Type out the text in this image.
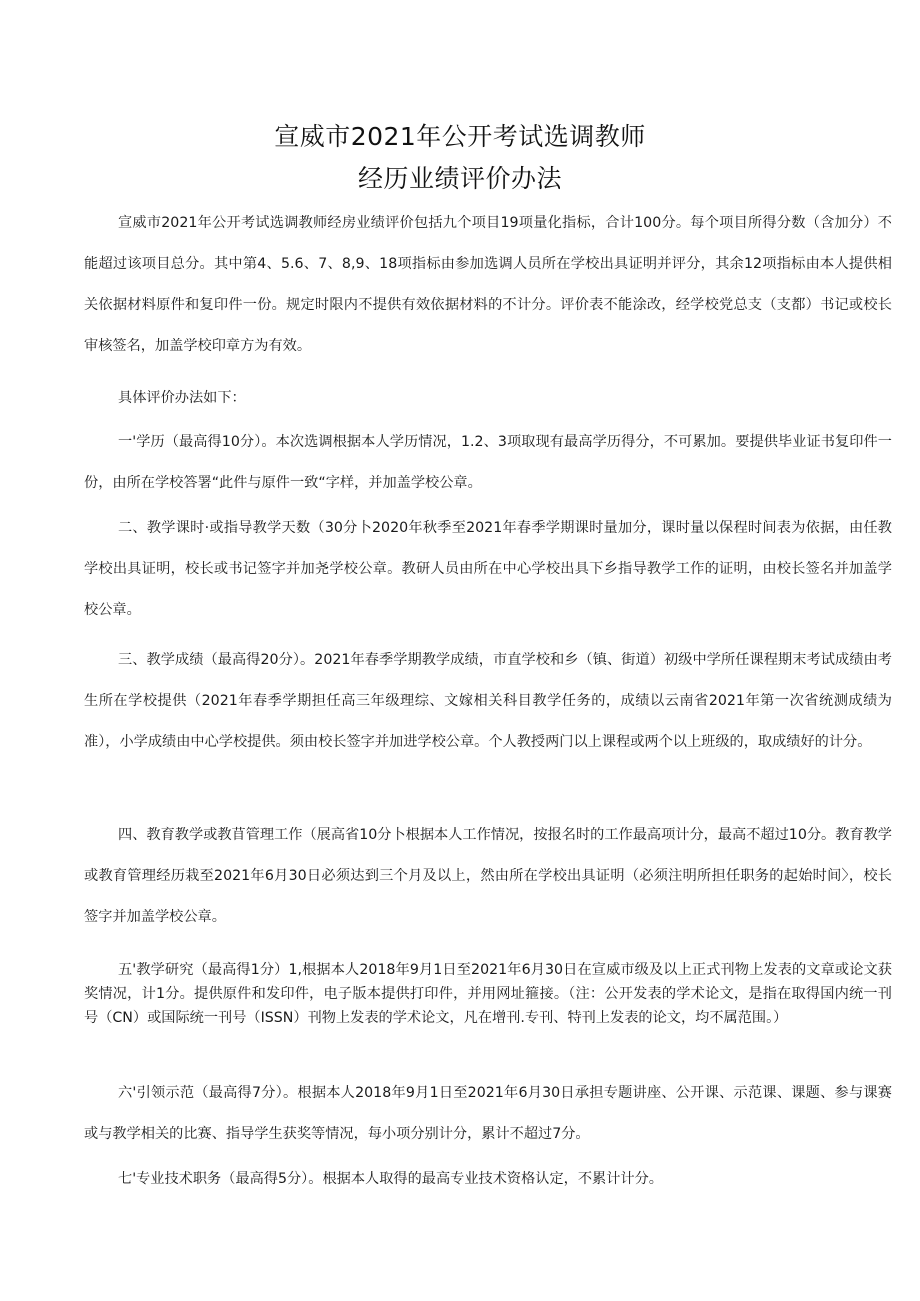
宣威市2021年公开考试选调教师
经历业绩评价办法

宣威市2021年公开考试选调教师经房业绩评价包括九个项目19项量化指标，合计100分。每个项目所得分数（含加分）不能超过该项目总分。其中第4、5.6、7、8,9、18项指标由参加选调人员所在学校出具证明并评分，其余12项指标由本人提供相关依据材料原件和复印件一份。规定时限内不提供有效依据材料的不计分。评价表不能涂改，经学校党总支（支都）书记或校长审核签名，加盖学校印章方为有效。

具体评价办法如下：

一'学历（最高得10分）。本次选调根据本人学历情况，1.2、3项取现有最高学历得分，不可累加。要提供毕业证书复印件一份，由所在学校答署“此件与原件一致“字样，并加盖学校公章。

二、教学课时·或指导教学天数（30分卜2020年秋季至2021年春季学期课时量加分，课时量以保程时间表为依据，由任教学校出具证明，校长或书记签字并加尧学校公章。教研人员由所在中心学校出具下乡指导教学工作的证明，由校长签名并加盖学校公章。

三、教学成绩（最高得20分）。2021年春季学期教学成绩，市直学校和乡（镇、街道）初级中学所任课程期末考试成绩由考生所在学校提供（2021年春季学期担任高三年级理综、文嫁相关科目教学任务的，成绩以云南省2021年第一次省统测成绩为准），小学成绩由中心学校提供。须由校长签字并加进学校公章。个人教授两门以上课程或两个以上班级的，取成绩好的计分。

四、教育教学或教苜管理工作（展高省10分卜根据本人工作情况，按报名时的工作最高项计分，最高不超过10分。教育教学或教育管理经历栽至2021年6月30日必须达到三个月及以上，然由所在学校出具证明（必须注明所担任职务的起始时间〉，校长签字并加盖学校公章。

五'教学研究（最高得1分）1,根据本人2018年9月1日至2021年6月30日在宣威市级及以上正式刊物上发表的文章或论文获奖情况，计1分。提供原件和发印件，电子版本提供打印件，并用网址箍接。（注：公开发表的学术论文，是指在取得国内统一刊号（CN）或国际统一刊号（ISSN）刊物上发表的学术论文，凡在增刊.专刊、特刊上发表的论文，均不属范围。）

六'引领示范（最高得7分）。根据本人2018年9月1日至2021年6月30日承担专题讲座、公开课、示范课、课题、参与课赛或与教学相关的比赛、指导学生获奖等情况，每小项分别计分，累计不超过7分。

七'专业技术职务（最高得5分）。根据本人取得的最高专业技术资格认定，不累计计分。
